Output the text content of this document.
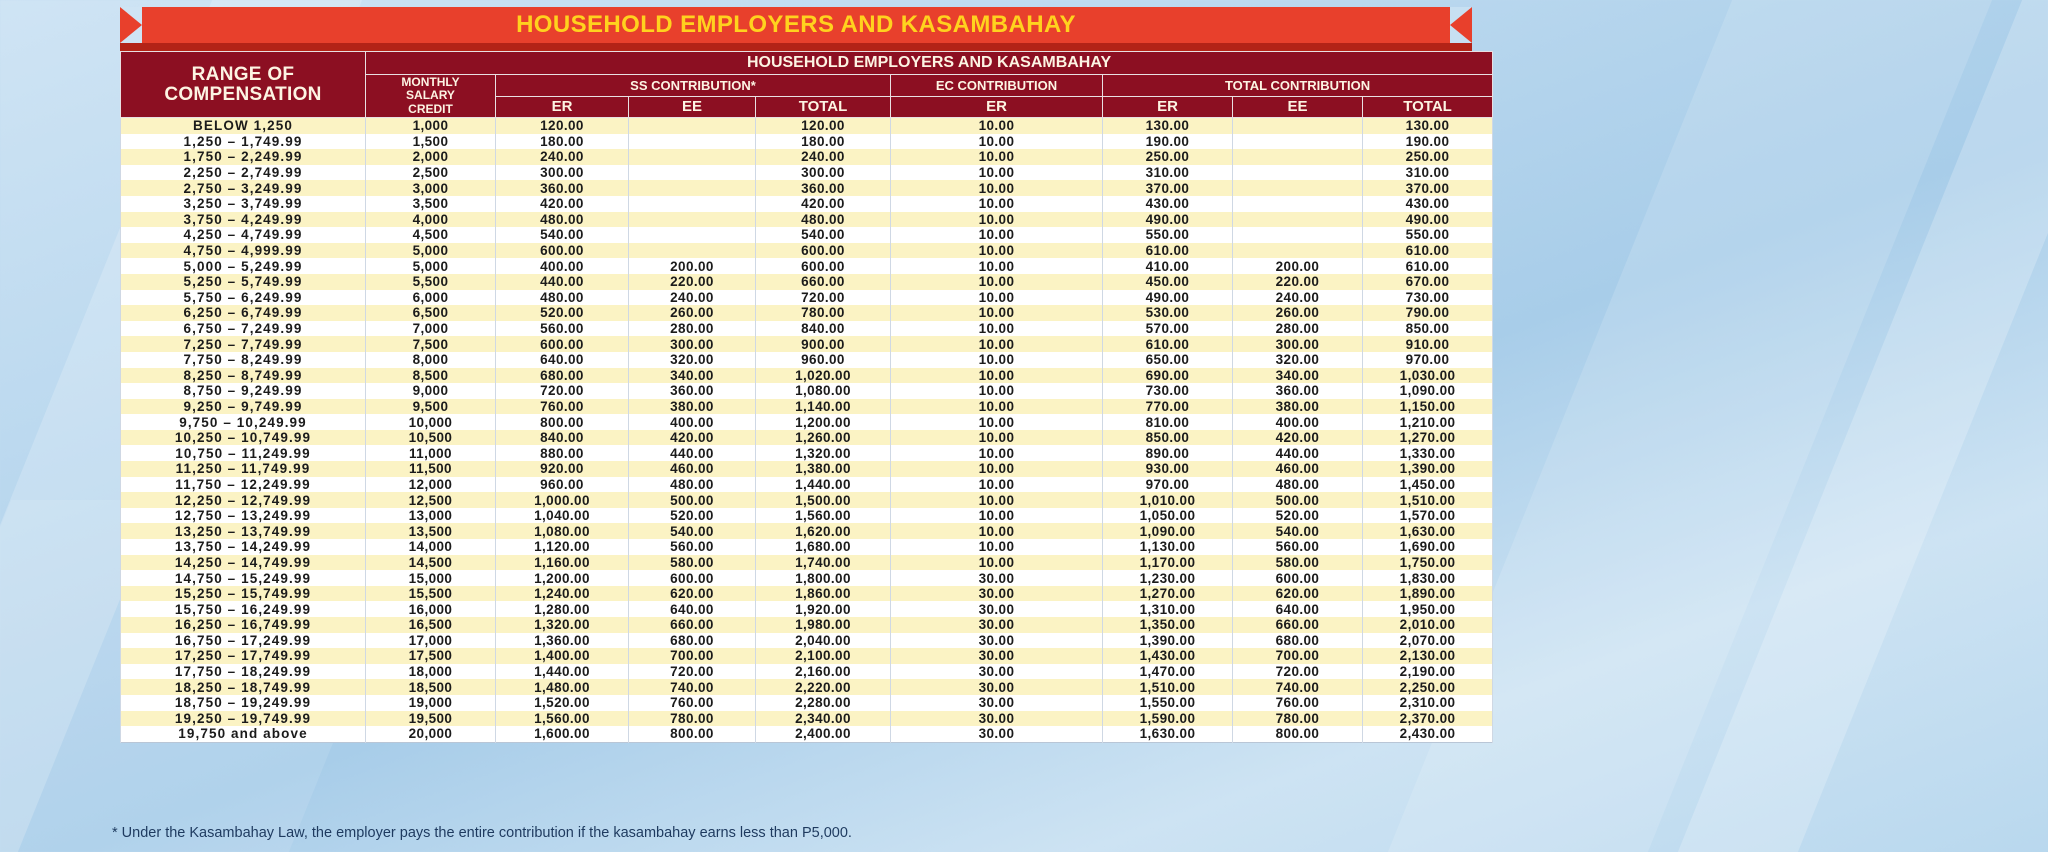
HOUSEHOLD EMPLOYERS AND KASAMBAHAY
RANGE OF
COMPENSATION	HOUSEHOLD EMPLOYERS AND KASAMBAHAY							

	MONTHLY
SALARY
CREDIT	SS CONTRIBUTION*			EC CONTRIBUTION	TOTAL CONTRIBUTION		
		ER	EE	TOTAL	ER	ER	EE	TOTAL
BELOW 1,250	1,000	120.00		120.00	10.00	130.00		130.00
1,250 – 1,749.99	1,500	180.00		180.00	10.00	190.00		190.00
1,750 – 2,249.99	2,000	240.00		240.00	10.00	250.00		250.00
2,250 – 2,749.99	2,500	300.00		300.00	10.00	310.00		310.00
2,750 – 3,249.99	3,000	360.00		360.00	10.00	370.00		370.00
3,250 – 3,749.99	3,500	420.00		420.00	10.00	430.00		430.00
3,750 – 4,249.99	4,000	480.00		480.00	10.00	490.00		490.00
4,250 – 4,749.99	4,500	540.00		540.00	10.00	550.00		550.00
4,750 – 4,999.99	5,000	600.00		600.00	10.00	610.00		610.00
5,000 – 5,249.99	5,000	400.00	200.00	600.00	10.00	410.00	200.00	610.00
5,250 – 5,749.99	5,500	440.00	220.00	660.00	10.00	450.00	220.00	670.00
5,750 – 6,249.99	6,000	480.00	240.00	720.00	10.00	490.00	240.00	730.00
6,250 – 6,749.99	6,500	520.00	260.00	780.00	10.00	530.00	260.00	790.00
6,750 – 7,249.99	7,000	560.00	280.00	840.00	10.00	570.00	280.00	850.00
7,250 – 7,749.99	7,500	600.00	300.00	900.00	10.00	610.00	300.00	910.00
7,750 – 8,249.99	8,000	640.00	320.00	960.00	10.00	650.00	320.00	970.00
8,250 – 8,749.99	8,500	680.00	340.00	1,020.00	10.00	690.00	340.00	1,030.00
8,750 – 9,249.99	9,000	720.00	360.00	1,080.00	10.00	730.00	360.00	1,090.00
9,250 – 9,749.99	9,500	760.00	380.00	1,140.00	10.00	770.00	380.00	1,150.00
9,750 – 10,249.99	10,000	800.00	400.00	1,200.00	10.00	810.00	400.00	1,210.00
10,250 – 10,749.99	10,500	840.00	420.00	1,260.00	10.00	850.00	420.00	1,270.00
10,750 – 11,249.99	11,000	880.00	440.00	1,320.00	10.00	890.00	440.00	1,330.00
11,250 – 11,749.99	11,500	920.00	460.00	1,380.00	10.00	930.00	460.00	1,390.00
11,750 – 12,249.99	12,000	960.00	480.00	1,440.00	10.00	970.00	480.00	1,450.00
12,250 – 12,749.99	12,500	1,000.00	500.00	1,500.00	10.00	1,010.00	500.00	1,510.00
12,750 – 13,249.99	13,000	1,040.00	520.00	1,560.00	10.00	1,050.00	520.00	1,570.00
13,250 – 13,749.99	13,500	1,080.00	540.00	1,620.00	10.00	1,090.00	540.00	1,630.00
13,750 – 14,249.99	14,000	1,120.00	560.00	1,680.00	10.00	1,130.00	560.00	1,690.00
14,250 – 14,749.99	14,500	1,160.00	580.00	1,740.00	10.00	1,170.00	580.00	1,750.00
14,750 – 15,249.99	15,000	1,200.00	600.00	1,800.00	30.00	1,230.00	600.00	1,830.00
15,250 – 15,749.99	15,500	1,240.00	620.00	1,860.00	30.00	1,270.00	620.00	1,890.00
15,750 – 16,249.99	16,000	1,280.00	640.00	1,920.00	30.00	1,310.00	640.00	1,950.00
16,250 – 16,749.99	16,500	1,320.00	660.00	1,980.00	30.00	1,350.00	660.00	2,010.00
16,750 – 17,249.99	17,000	1,360.00	680.00	2,040.00	30.00	1,390.00	680.00	2,070.00
17,250 – 17,749.99	17,500	1,400.00	700.00	2,100.00	30.00	1,430.00	700.00	2,130.00
17,750 – 18,249.99	18,000	1,440.00	720.00	2,160.00	30.00	1,470.00	720.00	2,190.00
18,250 – 18,749.99	18,500	1,480.00	740.00	2,220.00	30.00	1,510.00	740.00	2,250.00
18,750 – 19,249.99	19,000	1,520.00	760.00	2,280.00	30.00	1,550.00	760.00	2,310.00
19,250 – 19,749.99	19,500	1,560.00	780.00	2,340.00	30.00	1,590.00	780.00	2,370.00
19,750 and above	20,000	1,600.00	800.00	2,400.00	30.00	1,630.00	800.00	2,430.00
* Under the Kasambahay Law, the employer pays the entire contribution if the kasambahay earns less than P5,000.
